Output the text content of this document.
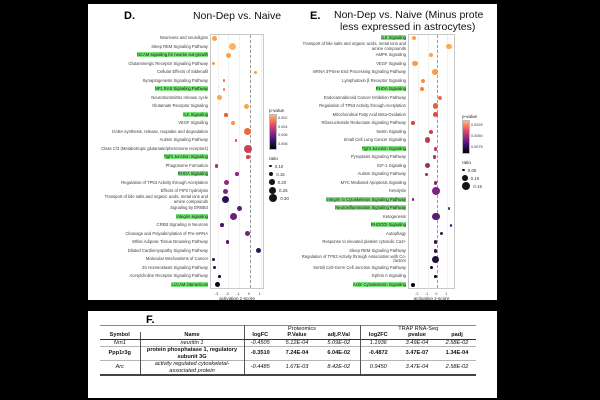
D.	Non-Dep vs. Naive	E. Non-Dep vs. Naive (Minus prote
less expressed in astrocytes)
Neurexins and neuroligins
Sleep REM Signaling Pathway
NCAM signaling for neurite out-growth
Glutaminergic Receptor Signaling Pathway
Cellular Effects of Sildenafil
Synaptogenesis Signaling Pathway
NF1 RAS Signaling Pathway
Neurotransmitter release cycle
Glutamate Receptor Signaling
ILK Signaling
VEGF Signaling
GABA synthesis, release, reuptake and degradation
Autism Signaling Pathway
Class C/3 (Metabotropic glutamate/pheromone receptors)
Tight Junction Signaling
Phagosome Formation
RHOA Signaling
Regulation of TP53 Activity through Acetylation
Effects of PIP2 hydrolysis
Transport of bile salts and organic acids, metal ions and amine compounds
Signaling by ERBB4
Integrin signaling
CREB Signaling in Neurons
Cleavage and Polyadenylation of Pre-mRNA
White Adipose Tissue Browning Pathway
Dilated Cardiomyopathy Signaling Pathway
Molecular Mechanisms of Cancer
Zn Homeostasis Signaling Pathway
Acetylcholine Receptor Signaling Pathway
L1CAM interactions
-3	-2	-1	0	1
activation z-score
ILK Signaling
Transport of bile salts and organic acids, metal ions and amine compounds
AMPK Signaling
VEGF Signaling
mRNA 3'Prime End Processing Signaling Pathway
Lymphotoxin β Receptor Signaling
RHOA Signaling
Endocannabinoid Cancer Inhibition Pathway
Regulation of TP53 Activity through Acetylation
Mitochondrial Fatty Acid Beta-Oxidation
Ribonucleotide Reductase Signaling Pathway
Netrin Signaling
Small Cell Lung Cancer Signaling
Tight Junction Signaling
Pyroptosis Signaling Pathway
IGF-1 Signaling
Autism Signaling Pathway
MYC Mediated Apoptosis Signaling
Ketolysis
Integrin to Cytoskeleton Signaling Pathway
Neuroinflammation Signaling Pathway
Ketogenesis
RHOGDI Signaling
Autophagy
Response to elevated platelet cytosolic Ca2+
Sleep REM Signaling Pathway
Regulation of TP53 Activity through Association with Co-factors
Sertoli Cell-Germ Cell Junction Signaling Pathway
Ephrin A Signaling
Actin Cytoskeleton Signaling
-2	-1	0	1
activation z-score
p-value
0.002
0.004
0.006
0.008
ratio
0.10
0.15
0.20
0.25
0.30
p-value
0.0025
0.0050
0.0075
ratio
0.05
0.10
0.15
F.
		Proteomics			TRAP RNA-Seq		
Symbol	Name	logFC	P.Value	adj.P.Val	log2FC	pvalue	padj
Nrn1	neuritin 1	-0.4505	5.12E-04	5.09E-02	1.1936	3.49E-04	2.58E-02
Ppp1r3g	protein phosphatase 1, regulatory subunit 3G	-0.3510	7.24E-04	6.04E-02	-0.4872	3.47E-07	1.34E-04
Arc	activity regulated cytoskeletal-associated protein	-0.4485	1.67E-03	8.42E-02	0.9450	3.47E-04	2.58E-02
